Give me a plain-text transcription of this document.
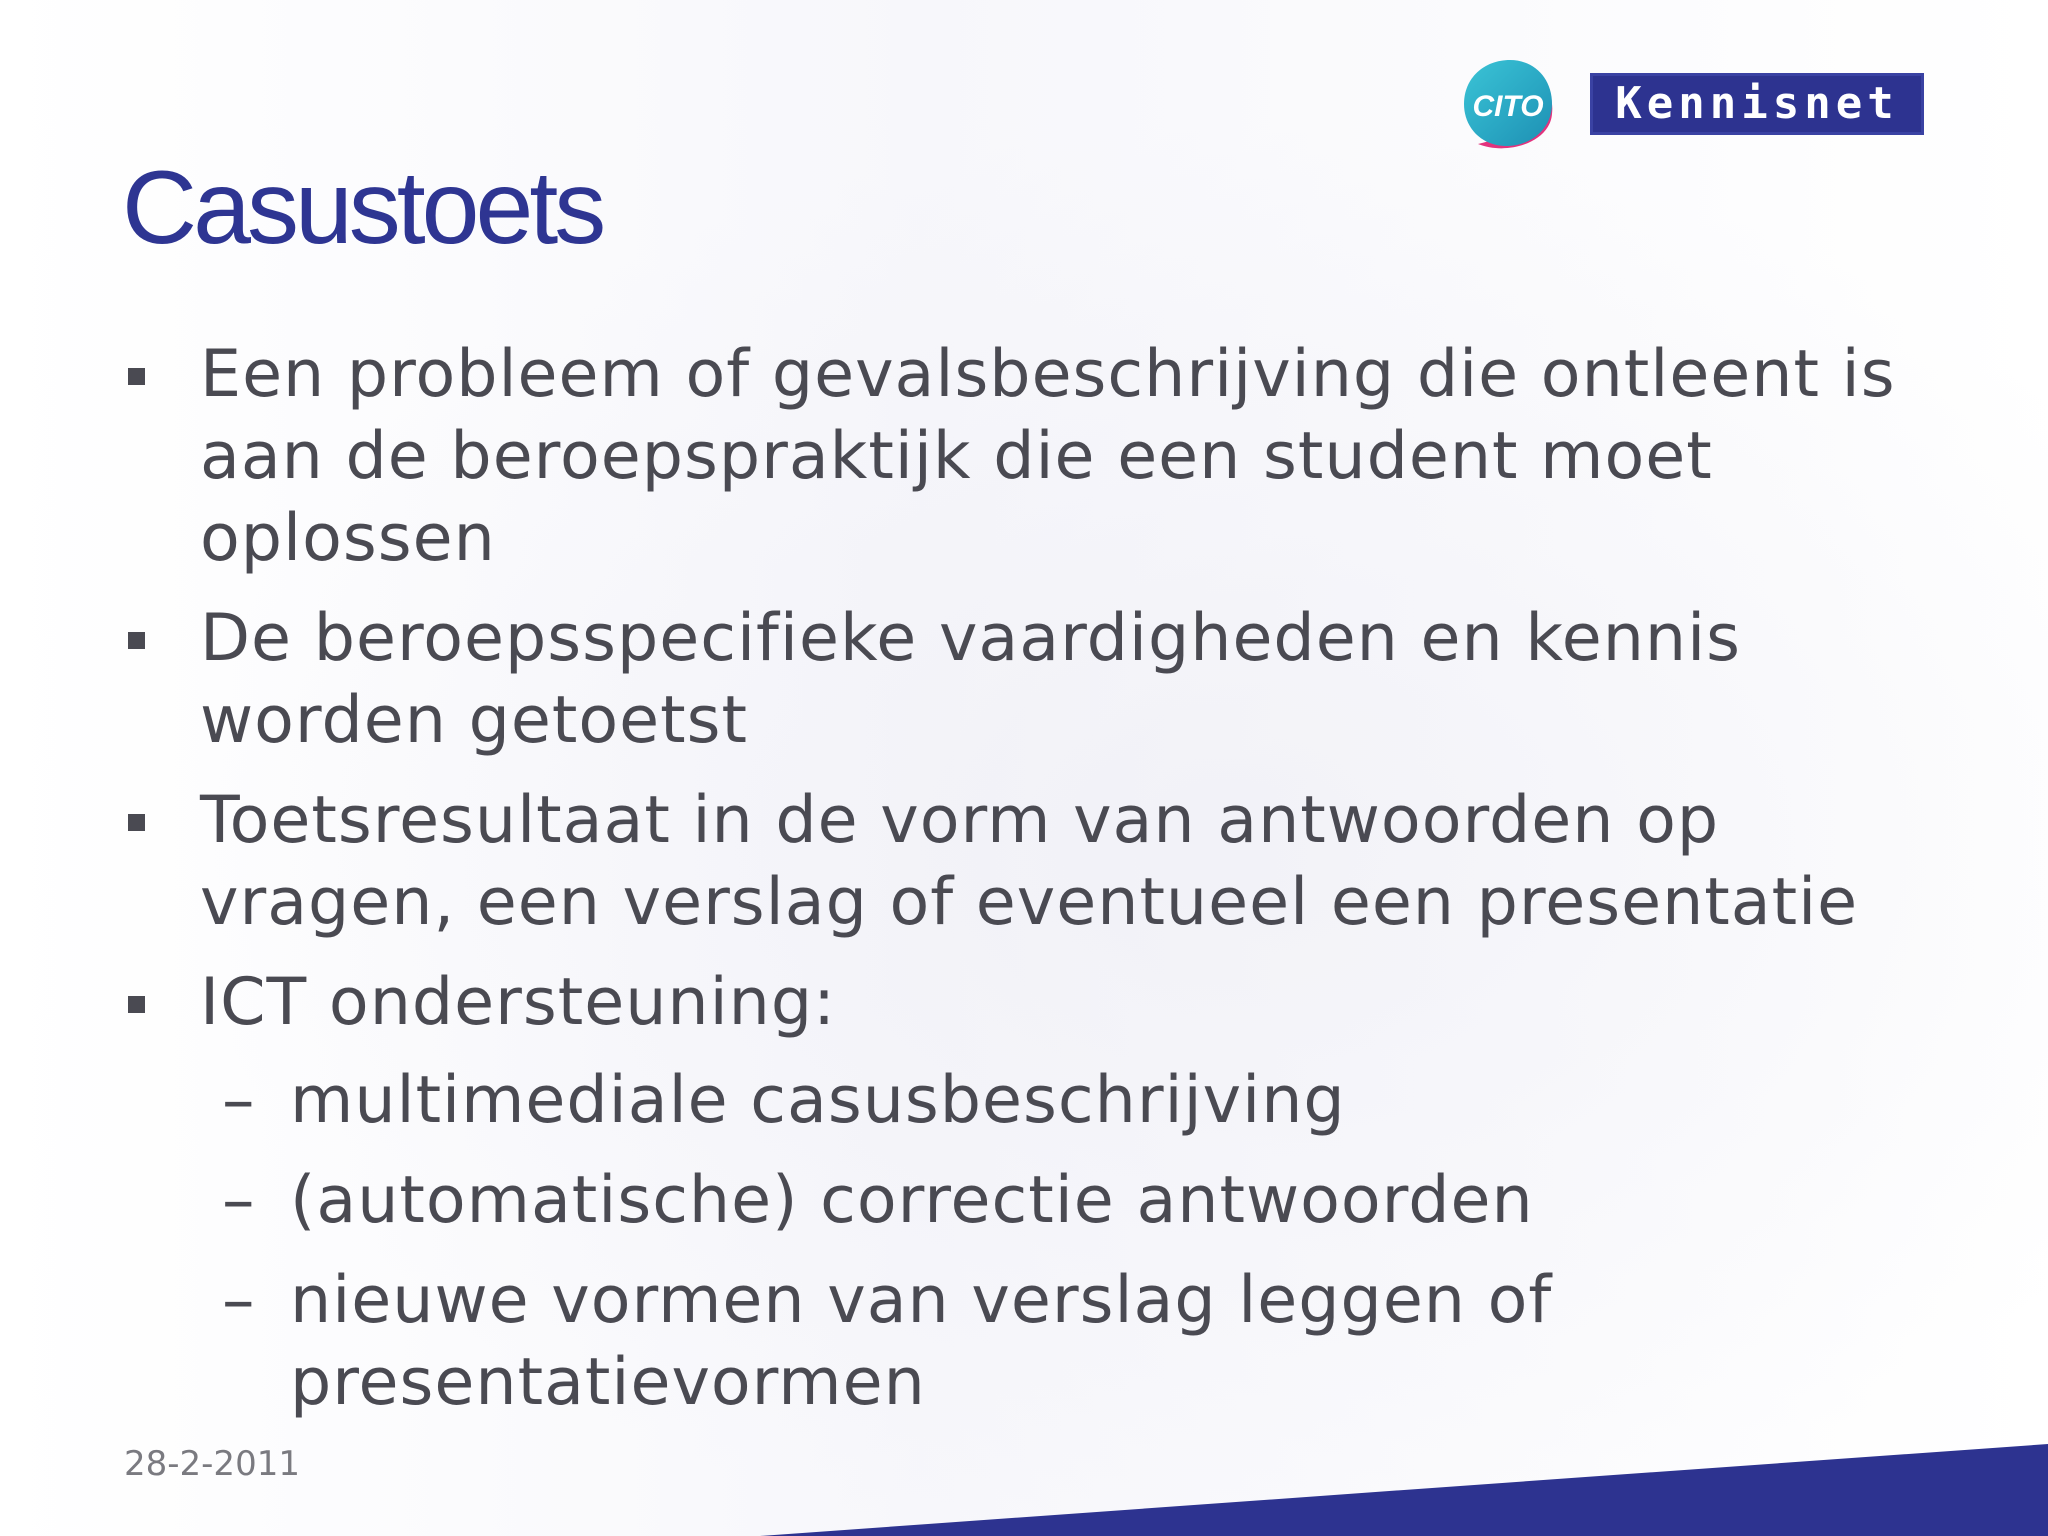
CITO	Kennisnet
Casustoets
Een probleem of gevalsbeschrijving die ontleent is aan de beroepspraktijk die een student moet oplossen
De beroepsspecifieke vaardigheden en kennis worden getoetst
Toetsresultaat in de vorm van antwoorden op vragen, een verslag of eventueel een presentatie
ICT ondersteuning:
– multimediale casusbeschrijving
– (automatische) correctie antwoorden
– nieuwe vormen van verslag leggen of presentatievormen
28-2-2011
